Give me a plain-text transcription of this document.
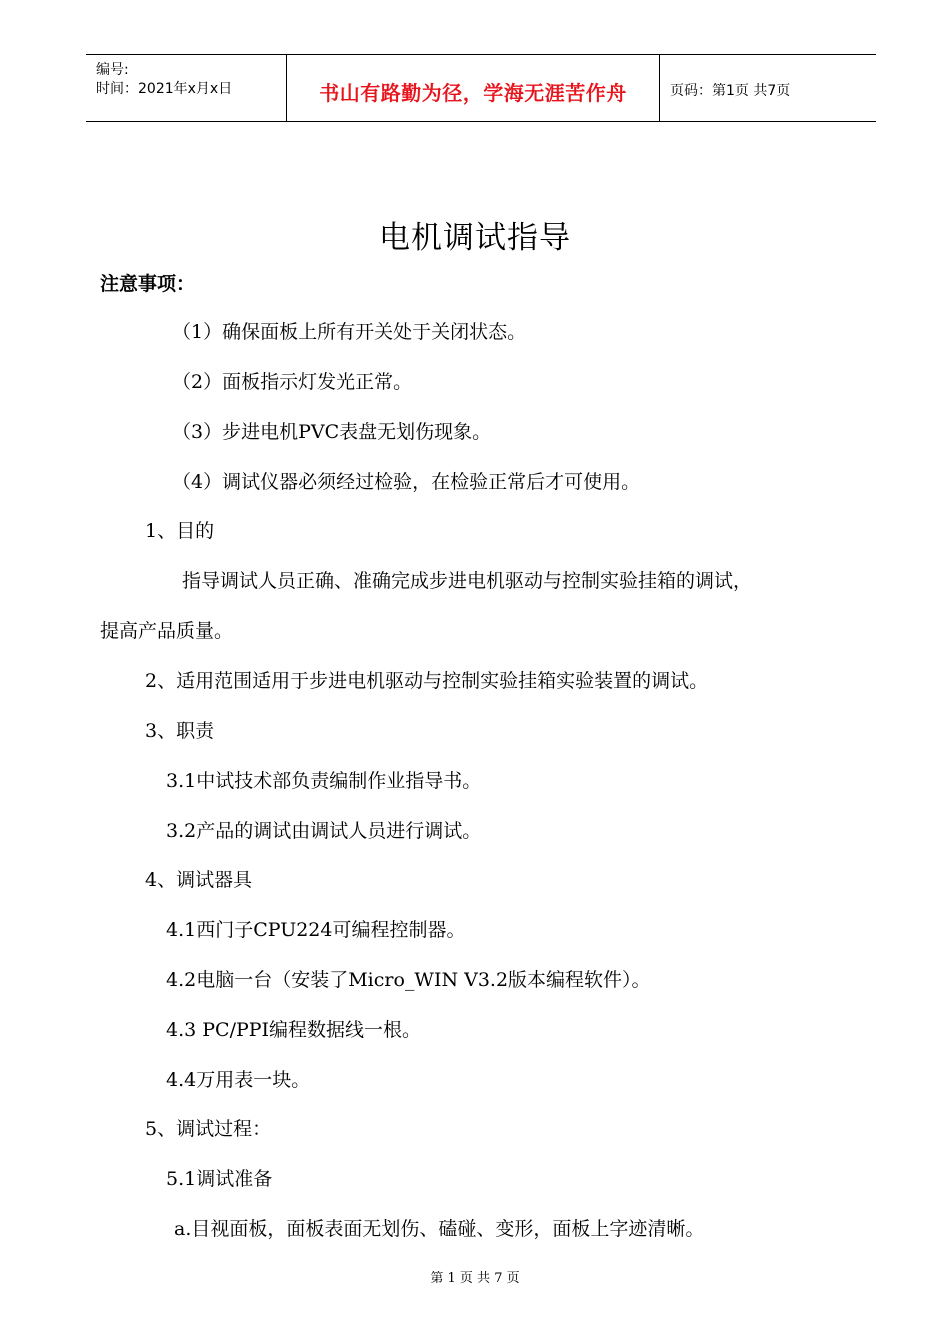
编号:
时间：2021年x月x日	书山有路勤为径，学海无涯苦作舟	页码：第1页 共7页
电机调试指导
注意事项：
（1）确保面板上所有开关处于关闭状态。
（2）面板指示灯发光正常。
（3）步进电机PVC表盘无划伤现象。
（4）调试仪器必须经过检验，在检验正常后才可使用。
1、目的
指导调试人员正确、准确完成步进电机驱动与控制实验挂箱的调试，
提高产品质量。
2、适用范围适用于步进电机驱动与控制实验挂箱实验装置的调试。
3、职责
3.1中试技术部负责编制作业指导书。
3.2产品的调试由调试人员进行调试。
4、调试器具
4.1西门子CPU224可编程控制器。
4.2电脑一台（安装了Micro_WIN V3.2版本编程软件）。
4.3 PC/PPI编程数据线一根。
4.4万用表一块。
5、调试过程：
5.1调试准备
a.目视面板，面板表面无划伤、磕碰、变形，面板上字迹清晰。
第 1 页 共 7 页
